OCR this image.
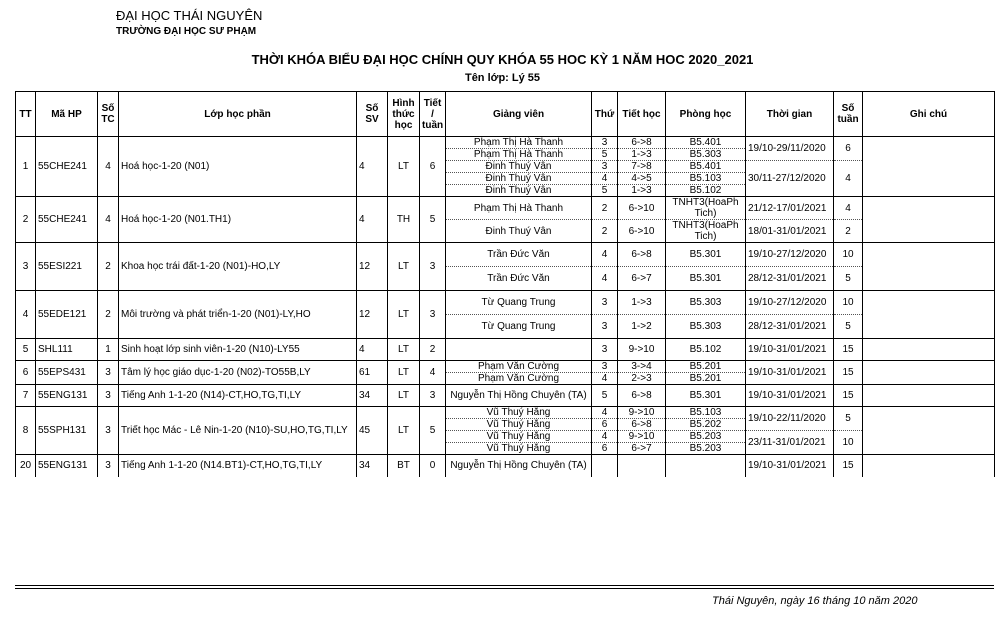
ĐẠI HỌC THÁI NGUYÊN
TRƯỜNG ĐẠI HỌC SƯ PHẠM
THỜI KHÓA BIỂU ĐẠI HỌC CHÍNH QUY KHÓA 55 HOC KỲ 1 NĂM HOC 2020_2021
Tên lớp: Lý 55
TT	Mã HP	Số TC	Lớp học phần	Số SV	Hình thức học	Tiết / tuần	Giảng viên	Thứ	Tiết học	Phòng học	Thời gian	Số tuần	Ghi chú
1	55CHE241	4	Hoá học-1-20 (N01)	4	LT	6	Phạm Thị Hà Thanh	3	6->8	B5.401	19/10-29/11/2020	6	
							Phạm Thị Hà Thanh	5	1->3	B5.303			
							Đinh Thuý Vân	3	7->8	B5.401	30/11-27/12/2020	4	
							Đinh Thuý Vân	4	4->5	B5.103			
							Đinh Thuý Vân	5	1->3	B5.102			
2	55CHE241	4	Hoá học-1-20 (N01.TH1)	4	TH	5	Phạm Thị Hà Thanh	2	6->10	TNHT3(HoaPh Tich)	21/12-17/01/2021	4	
							Đinh Thuý Vân	2	6->10	TNHT3(HoaPh Tich)	18/01-31/01/2021	2	
3	55ESI221	2	Khoa học trái đất-1-20 (N01)-HO,LY	12	LT	3	Trần Đức Văn	4	6->8	B5.301	19/10-27/12/2020	10	
							Trần Đức Văn	4	6->7	B5.301	28/12-31/01/2021	5	
4	55EDE121	2	Môi trường và phát triển-1-20 (N01)-LY,HO	12	LT	3	Từ Quang Trung	3	1->3	B5.303	19/10-27/12/2020	10	
							Từ Quang Trung	3	1->2	B5.303	28/12-31/01/2021	5	
5	SHL111	1	Sinh hoạt lớp sinh viên-1-20 (N10)-LY55	4	LT	2		3	9->10	B5.102	19/10-31/01/2021	15	
6	55EPS431	3	Tâm lý học giáo dục-1-20 (N02)-TO55B,LY	61	LT	4	Phạm Văn Cường	3	3->4	B5.201	19/10-31/01/2021	15	
							Phạm Văn Cường	4	2->3	B5.201			
7	55ENG131	3	Tiếng Anh 1-1-20 (N14)-CT,HO,TG,TI,LY	34	LT	3	Nguyễn Thị Hồng Chuyên (TA)	5	6->8	B5.301	19/10-31/01/2021	15	
8	55SPH131	3	Triết học Mác - Lê Nin-1-20 (N10)-SU,HO,TG,TI,LY	45	LT	5	Vũ Thuý Hằng	4	9->10	B5.103	19/10-22/11/2020	5	
							Vũ Thuý Hằng	6	6->8	B5.202			
							Vũ Thuý Hằng	4	9->10	B5.203	23/11-31/01/2021	10	
							Vũ Thuý Hằng	6	6->7	B5.203			
20	55ENG131	3	Tiếng Anh 1-1-20 (N14.BT1)-CT,HO,TG,TI,LY	34	BT	0	Nguyễn Thị Hồng Chuyên (TA)				19/10-31/01/2021	15	
Thái Nguyên, ngày 16 tháng 10 năm 2020
